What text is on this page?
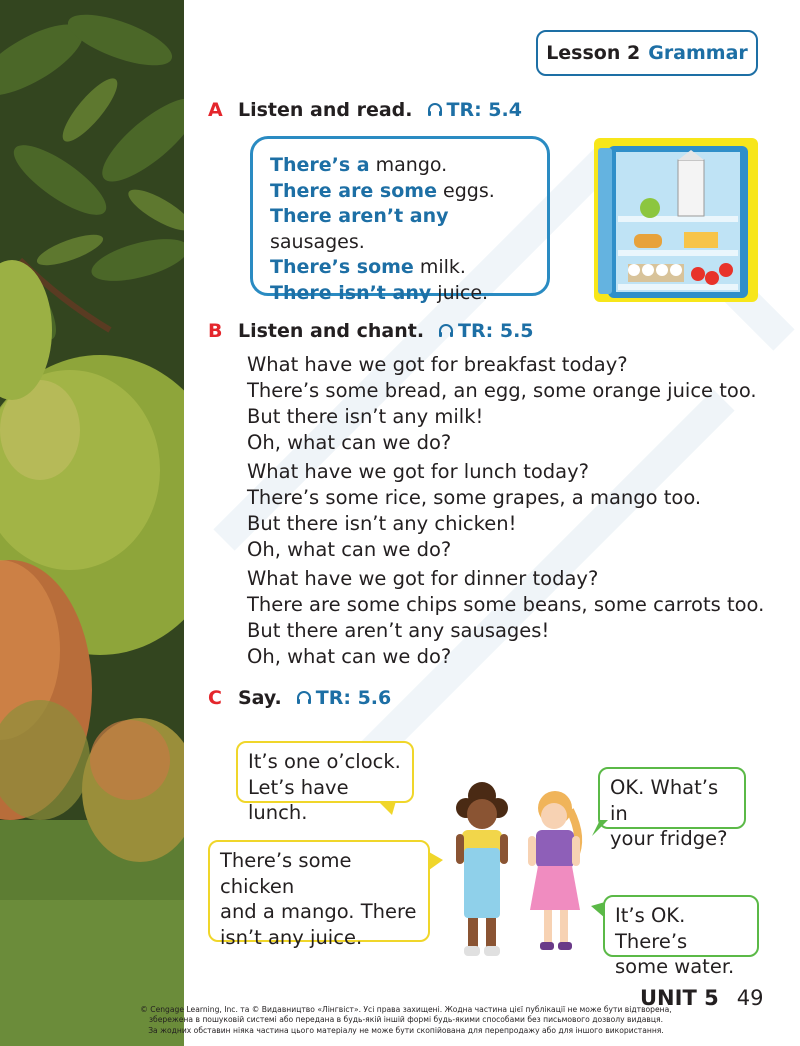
Lesson 2 Grammar
A Listen and read. TR: 5.4
There’s a mango.
There are some eggs.
There aren’t any sausages.
There’s some milk.
There isn’t any juice.
B Listen and chant. TR: 5.5
What have we got for breakfast today?
There’s some bread, an egg, some orange juice too.
But there isn’t any milk!
Oh, what can we do?
What have we got for lunch today?
There’s some rice, some grapes, a mango too.
But there isn’t any chicken!
Oh, what can we do?
What have we got for dinner today?
There are some chips some beans, some carrots too.
But there aren’t any sausages!
Oh, what can we do?
C Say. TR: 5.6
It’s one o’clock.
Let’s have lunch.
OK. What’s in
your fridge?
There’s some chicken
and a mango. There
isn’t any juice.
It’s OK. There’s
some water.
UNIT 5 49
© Cengage Learning, Inc. та © Видавництво «Лінгвіст». Усі права захищені. Жодна частина цієї публікації не може бути відтворена,
збережена в пошуковій системі або передана в будь-якій іншій формі будь-якими способами без письмового дозволу видавця.
За жодних обставин ніяка частина цього матеріалу не може бути скопійована для перепродажу або для іншого використання.
